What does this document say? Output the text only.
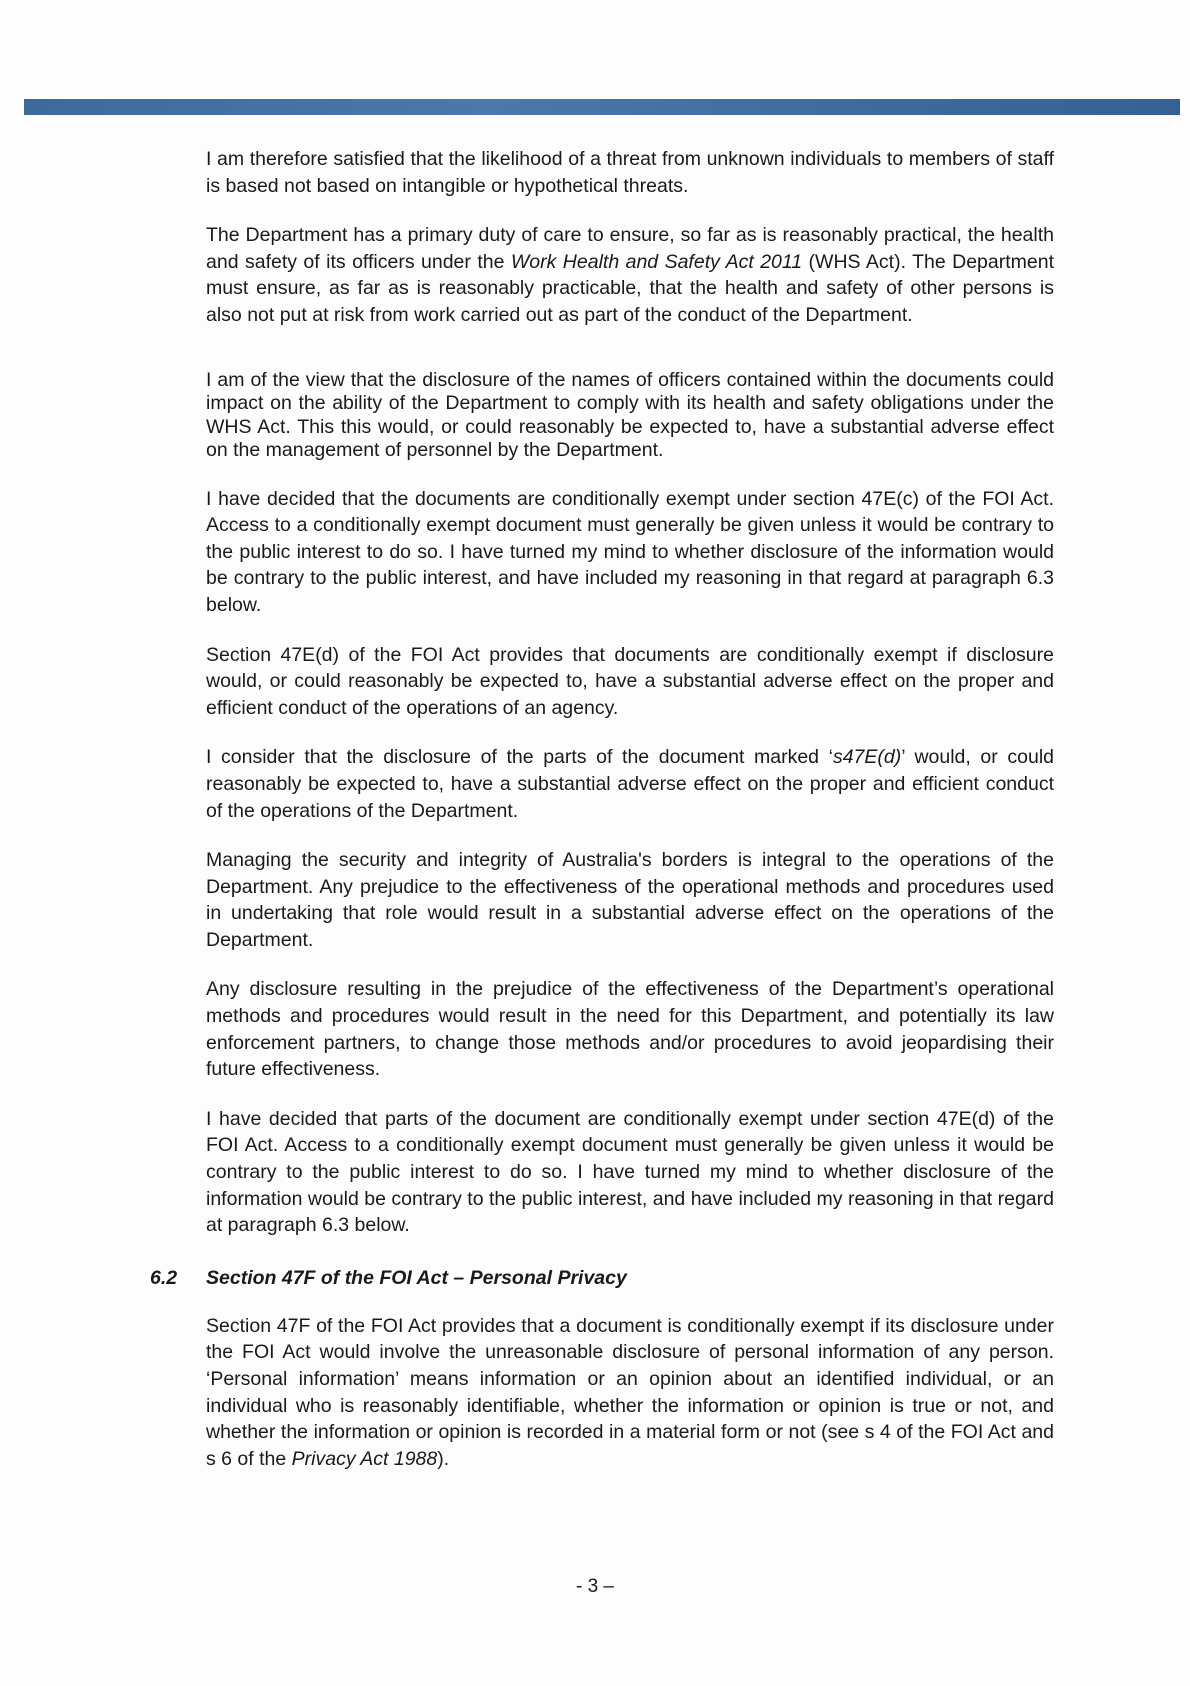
I am therefore satisfied that the likelihood of a threat from unknown individuals to members of staff is based not based on intangible or hypothetical threats.

The Department has a primary duty of care to ensure, so far as is reasonably practical, the health and safety of its officers under the Work Health and Safety Act 2011 (WHS Act). The Department must ensure, as far as is reasonably practicable, that the health and safety of other persons is also not put at risk from work carried out as part of the conduct of the Department.

I am of the view that the disclosure of the names of officers contained within the documents could impact on the ability of the Department to comply with its health and safety obligations under the WHS Act. This this would, or could reasonably be expected to, have a substantial adverse effect on the management of personnel by the Department.

I have decided that the documents are conditionally exempt under section 47E(c) of the FOI Act. Access to a conditionally exempt document must generally be given unless it would be contrary to the public interest to do so. I have turned my mind to whether disclosure of the information would be contrary to the public interest, and have included my reasoning in that regard at paragraph 6.3 below.

Section 47E(d) of the FOI Act provides that documents are conditionally exempt if disclosure would, or could reasonably be expected to, have a substantial adverse effect on the proper and efficient conduct of the operations of an agency.

I consider that the disclosure of the parts of the document marked ‘s47E(d)’ would, or could reasonably be expected to, have a substantial adverse effect on the proper and efficient conduct of the operations of the Department.

Managing the security and integrity of Australia's borders is integral to the operations of the Department. Any prejudice to the effectiveness of the operational methods and procedures used in undertaking that role would result in a substantial adverse effect on the operations of the Department.

Any disclosure resulting in the prejudice of the effectiveness of the Department’s operational methods and procedures would result in the need for this Department, and potentially its law enforcement partners, to change those methods and/or procedures to avoid jeopardising their future effectiveness.

I have decided that parts of the document are conditionally exempt under section 47E(d) of the FOI Act. Access to a conditionally exempt document must generally be given unless it would be contrary to the public interest to do so. I have turned my mind to whether disclosure of the information would be contrary to the public interest, and have included my reasoning in that regard at paragraph 6.3 below.

6.2 Section 47F of the FOI Act – Personal Privacy

Section 47F of the FOI Act provides that a document is conditionally exempt if its disclosure under the FOI Act would involve the unreasonable disclosure of personal information of any person. ‘Personal information’ means information or an opinion about an identified individual, or an individual who is reasonably identifiable, whether the information or opinion is true or not, and whether the information or opinion is recorded in a material form or not (see s 4 of the FOI Act and s 6 of the Privacy Act 1988).

- 3 –
